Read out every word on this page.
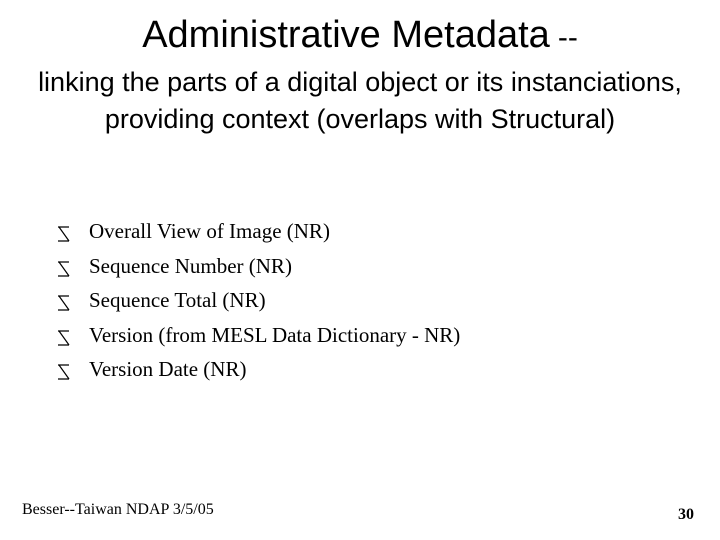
Administrative Metadata --
linking the parts of a digital object or its instanciations, providing context (overlaps with Structural)
Overall View of Image (NR)
Sequence Number (NR)
Sequence Total (NR)
Version (from MESL Data Dictionary - NR)
Version Date (NR)
Besser--Taiwan NDAP 3/5/05	30
